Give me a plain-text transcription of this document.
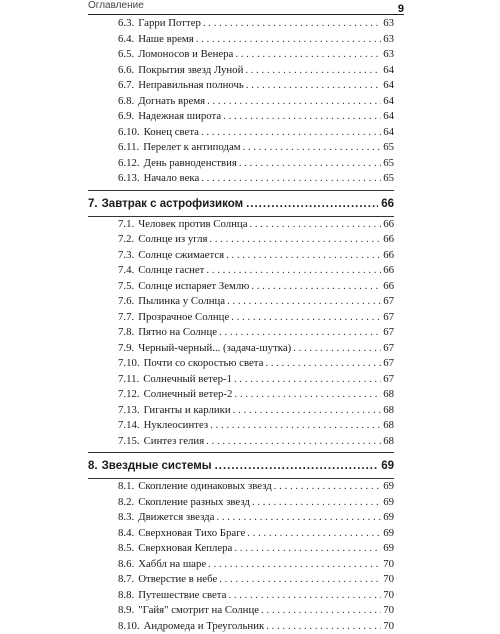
Оглавление	9
6.3. Гарри Поттер . . .	63
6.4. Наше время . . .	63
6.5. Ломоносов и Венера . . .	63
6.6. Покрытия звезд Луной . . .	64
6.7. Неправильная полночь . . .	64
6.8. Догнать время . . .	64
6.9. Надежная широта . . .	64
6.10. Конец света . . .	64
6.11. Перелет к антиподам . . .	65
6.12. День равноденствия . . .	65
6.13. Начало века . . .	65
7. Завтрак с астрофизиком .....	66
7.1. Человек против Солнца . . .	66
7.2. Солнце из угля . . .	66
7.3. Солнце сжимается . . .	66
7.4. Солнце гаснет . . .	66
7.5. Солнце испаряет Землю . . .	66
7.6. Пылинка у Солнца . . .	67
7.7. Прозрачное Солнце . . .	67
7.8. Пятно на Солнце . . .	67
7.9. Черный-черный... (задача-шутка) . . .	67
7.10. Почти со скоростью света . . .	67
7.11. Солнечный ветер-1 . . .	67
7.12. Солнечный ветер-2 . . .	68
7.13. Гиганты и карлики . . .	68
7.14. Нуклеосинтез . . .	68
7.15. Синтез гелия . . .	68
8. Звездные системы .....	69
8.1. Скопление одинаковых звезд . . .	69
8.2. Скопление разных звезд . . .	69
8.3. Движется звезда . . .	69
8.4. Сверхновая Тихо Браге . . .	69
8.5. Сверхновая Кеплера . . .	69
8.6. Хаббл на шаре . . .	70
8.7. Отверстие в небе . . .	70
8.8. Путешествие света . . .	70
8.9. "Гайя" смотрит на Солнце . . .	70
8.10. Андромеда и Треугольник . . .	70
